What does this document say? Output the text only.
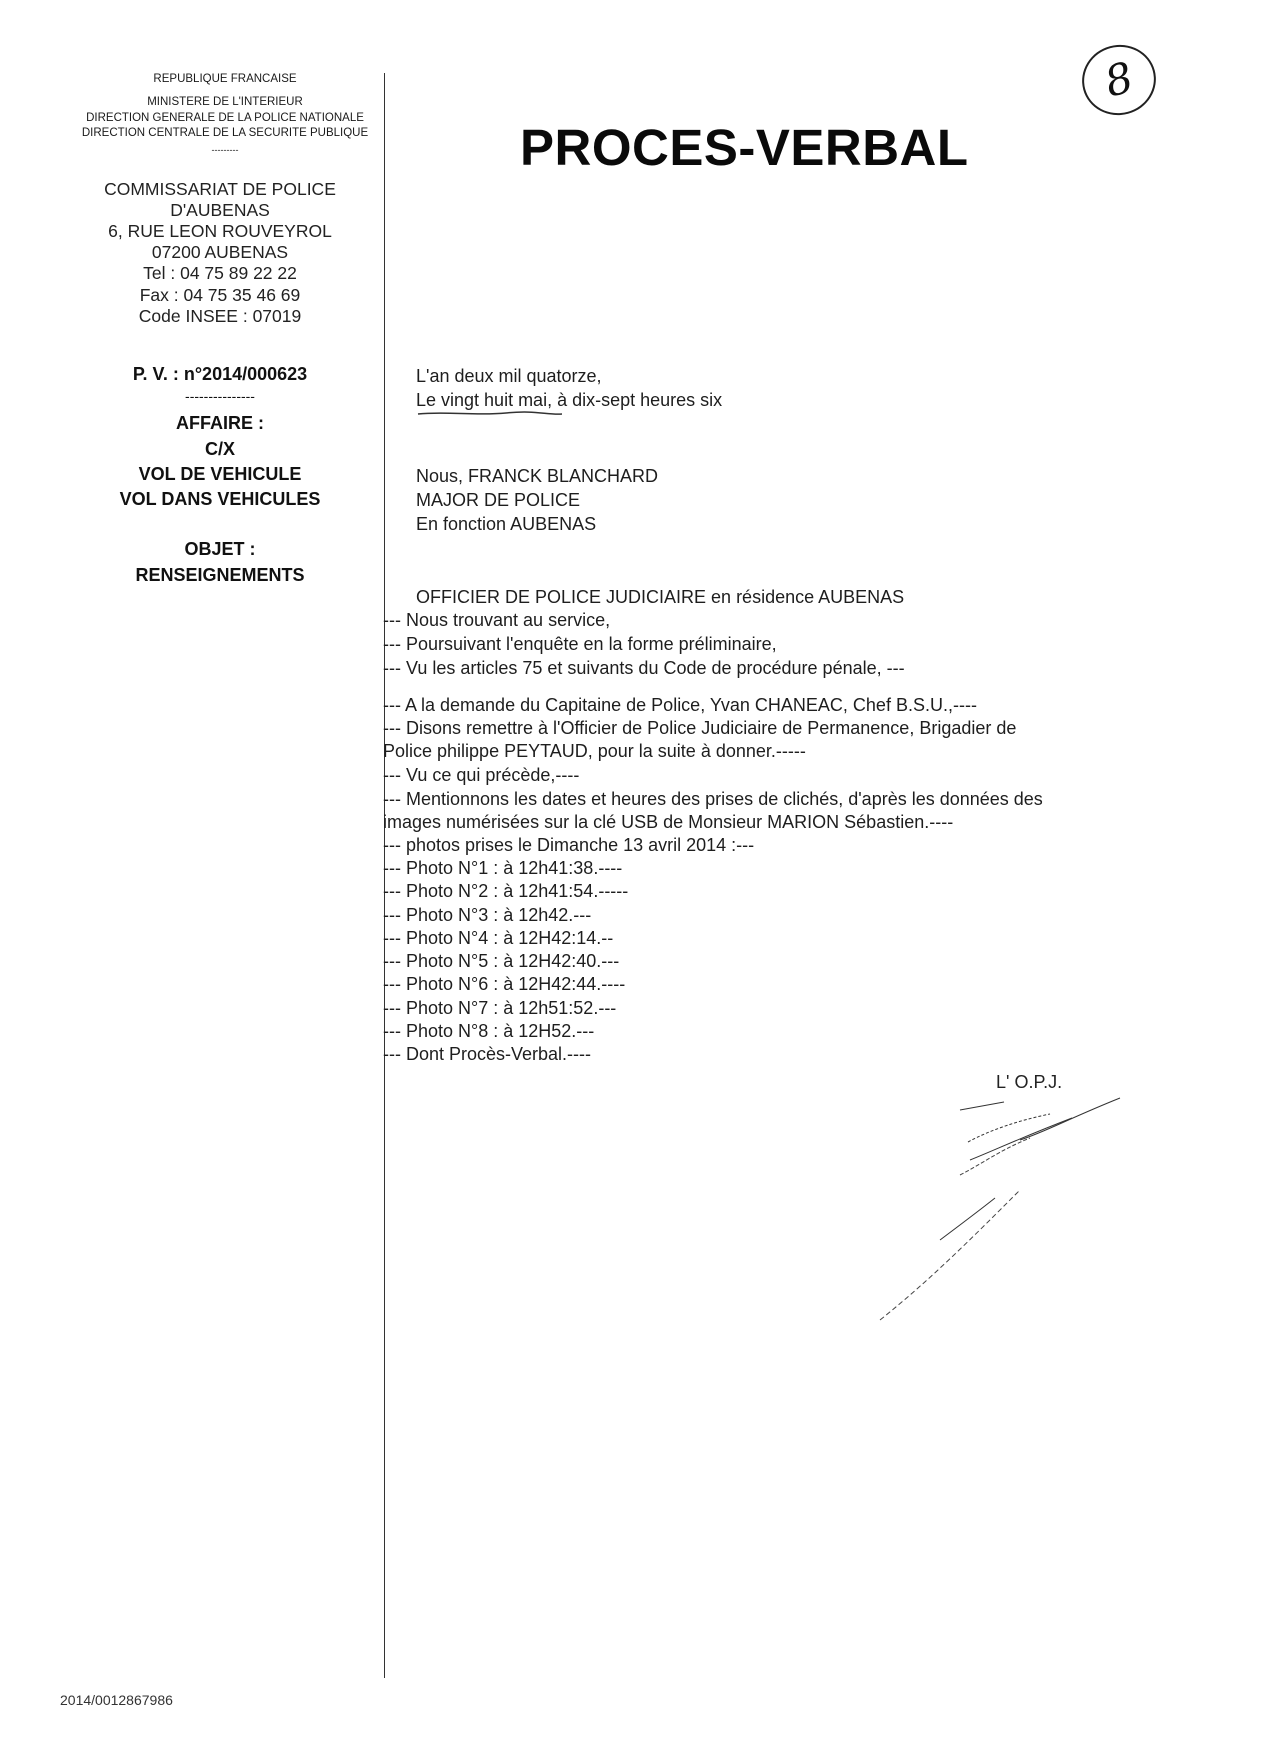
REPUBLIQUE FRANCAISE
MINISTERE DE L'INTERIEUR
DIRECTION GENERALE DE LA POLICE NATIONALE
DIRECTION CENTRALE DE LA SECURITE PUBLIQUE
---------
COMMISSARIAT DE POLICE
D'AUBENAS
6, RUE LEON ROUVEYROL
07200 AUBENAS
Tel : 04 75 89 22 22
Fax : 04 75 35 46 69
Code INSEE : 07019
P. V. : n°2014/000623
---------------
AFFAIRE :
C/X
VOL DE VEHICULE
VOL DANS VEHICULES
OBJET :
RENSEIGNEMENTS
PROCES-VERBAL
8
L'an deux mil quatorze,
Le vingt huit mai, à dix-sept heures six
Nous, FRANCK BLANCHARD
MAJOR DE POLICE
En fonction AUBENAS
OFFICIER DE POLICE JUDICIAIRE en résidence AUBENAS
--- Nous trouvant au service,
--- Poursuivant l'enquête en la forme préliminaire,
--- Vu les articles 75 et suivants du Code de procédure pénale, ---
--- A la demande du Capitaine de Police, Yvan CHANEAC, Chef B.S.U.,----
--- Disons remettre à l'Officier de Police Judiciaire de Permanence, Brigadier de
Police philippe PEYTAUD, pour la suite à donner.-----
--- Vu ce qui précède,----
--- Mentionnons les dates et heures des prises de clichés, d'après les données des
images numérisées sur la clé USB de Monsieur MARION Sébastien.----
--- photos prises le Dimanche 13 avril 2014 :---
--- Photo N°1 : à 12h41:38.----
--- Photo N°2 : à 12h41:54.-----
--- Photo N°3 : à 12h42.---
--- Photo N°4 : à 12H42:14.--
--- Photo N°5 : à 12H42:40.---
--- Photo N°6 : à 12H42:44.----
--- Photo N°7 : à 12h51:52.---
--- Photo N°8 : à 12H52.---
--- Dont Procès-Verbal.----
L' O.P.J.
2014/0012867986
